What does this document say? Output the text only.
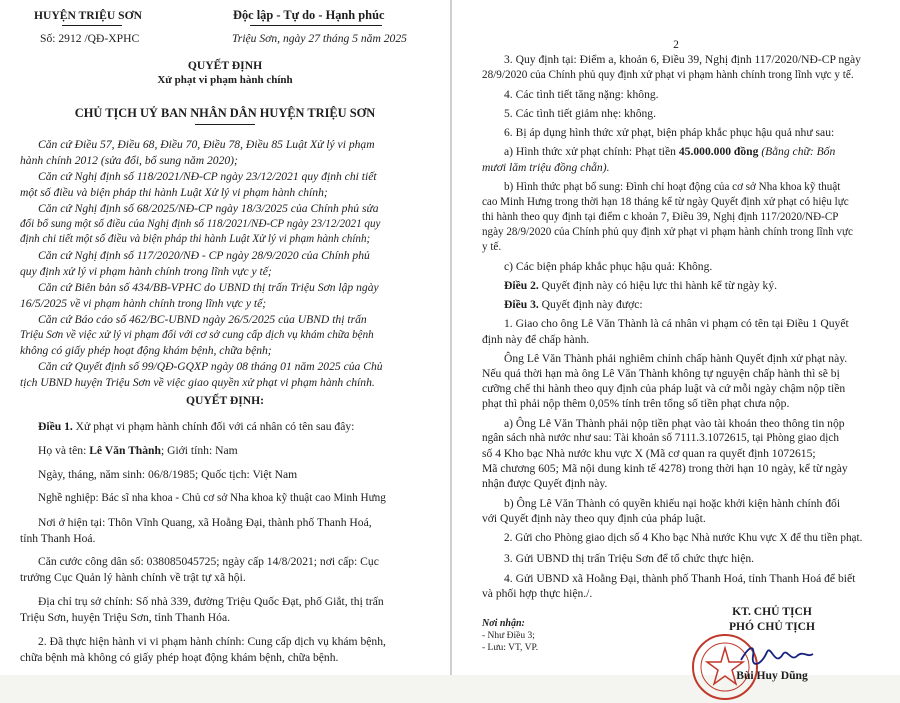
HUYỆN TRIỆU SƠN	Độc lập - Tự do - Hạnh phúc

Số: 2912 /QĐ-XPHC	Triệu Sơn, ngày 27 tháng 5 năm 2025

QUYẾT ĐỊNH

Xử phạt vi phạm hành chính

CHỦ TỊCH UỶ BAN NHÂN DÂN HUYỆN TRIỆU SƠN

Căn cứ Điều 57, Điều 68, Điều 70, Điều 78, Điều 85 Luật Xử lý vi phạm

hành chính 2012 (sửa đổi, bổ sung năm 2020);

Căn cứ Nghị định số 118/2021/NĐ-CP ngày 23/12/2021 quy định chi tiết

một số điều và biện pháp thi hành Luật Xử lý vi phạm hành chính;

Căn cứ Nghị định số 68/2025/NĐ-CP ngày 18/3/2025 của Chính phủ sửa

đổi bổ sung một số điều của Nghị định số 118/2021/NĐ-CP ngày 23/12/2021 quy

định chi tiết một số điều và biện pháp thi hành Luật Xử lý vi phạm hành chính;

Căn cứ Nghị định số 117/2020/NĐ - CP ngày 28/9/2020 của Chính phủ

quy định xử lý vi phạm hành chính trong lĩnh vực y tế;

Căn cứ Biên bản số 434/BB-VPHC do UBND thị trấn Triệu Sơn lập ngày

16/5/2025 về vi phạm hành chính trong lĩnh vực y tế;

Căn cứ Báo cáo số 462/BC-UBND ngày 26/5/2025 của UBND thị trấn

Triệu Sơn về việc xử lý vi phạm đối với cơ sở cung cấp dịch vụ khám chữa bệnh

không có giấy phép hoạt động khám bệnh, chữa bệnh;

Căn cứ Quyết định số 99/QĐ-GQXP ngày 08 tháng 01 năm 2025 của Chủ

tịch UBND huyện Triệu Sơn về việc giao quyền xử phạt vi phạm hành chính.

QUYẾT ĐỊNH:

Điều 1. Xử phạt vi phạm hành chính đối với cá nhân có tên sau đây:

Họ và tên: Lê Văn Thành; Giới tính: Nam

Ngày, tháng, năm sinh: 06/8/1985; Quốc tịch: Việt Nam

Nghề nghiệp: Bác sĩ nha khoa - Chủ cơ sở Nha khoa kỹ thuật cao Minh Hưng

Nơi ở hiện tại: Thôn Vĩnh Quang, xã Hoằng Đại, thành phố Thanh Hoá,

tỉnh Thanh Hoá.

Căn cước công dân số: 038085045725; ngày cấp 14/8/2021; nơi cấp: Cục

trưởng Cục Quản lý hành chính về trật tự xã hội.

Địa chỉ trụ sở chính: Số nhà 339, đường Triệu Quốc Đạt, phố Giắt, thị trấn

Triệu Sơn, huyện Triệu Sơn, tỉnh Thanh Hóa.

2. Đã thực hiện hành vi vi phạm hành chính: Cung cấp dịch vụ khám bệnh,

chữa bệnh mà không có giấy phép hoạt động khám bệnh, chữa bệnh.

2

3. Quy định tại: Điểm a, khoản 6, Điều 39, Nghị định 117/2020/NĐ-CP ngày

28/9/2020 của Chính phủ quy định xử phạt vi phạm hành chính trong lĩnh vực y tế.

4. Các tình tiết tăng nặng: không.

5. Các tình tiết giảm nhẹ: không.

6. Bị áp dụng hình thức xử phạt, biện pháp khắc phục hậu quả như sau:

a) Hình thức xử phạt chính: Phạt tiền 45.000.000 đồng (Bằng chữ: Bốn

mươi lăm triệu đồng chẵn).

b) Hình thức phạt bổ sung: Đình chỉ hoạt động của cơ sở Nha khoa kỹ thuật

cao Minh Hưng trong thời hạn 18 tháng kể từ ngày Quyết định xử phạt có hiệu lực

thi hành theo quy định tại điểm c khoản 7, Điều 39, Nghị định 117/2020/NĐ-CP

ngày 28/9/2020 của Chính phủ quy định xử phạt vi phạm hành chính trong lĩnh vực

y tế.

c) Các biện pháp khắc phục hậu quả: Không.

Điều 2. Quyết định này có hiệu lực thi hành kể từ ngày ký.

Điều 3. Quyết định này được:

1. Giao cho ông Lê Văn Thành là cá nhân vi phạm có tên tại Điều 1 Quyết

định này để chấp hành.

Ông Lê Văn Thành phải nghiêm chỉnh chấp hành Quyết định xử phạt này.

Nếu quá thời hạn mà ông Lê Văn Thành không tự nguyện chấp hành thì sẽ bị

cưỡng chế thi hành theo quy định của pháp luật và cứ mỗi ngày chậm nộp tiền

phạt thì phải nộp thêm 0,05% tính trên tổng số tiền phạt chưa nộp.

a) Ông Lê Văn Thành phải nộp tiền phạt vào tài khoản theo thông tin nộp

ngân sách nhà nước như sau: Tài khoản số 7111.3.1072615, tại Phòng giao dịch

số 4 Kho bạc Nhà nước khu vực X (Mã cơ quan ra quyết định 1072615;

Mã chương 605; Mã nội dung kinh tế 4278) trong thời hạn 10 ngày, kể từ ngày

nhận được Quyết định này.

b) Ông Lê Văn Thành có quyền khiếu nại hoặc khởi kiện hành chính đối

với Quyết định này theo quy định của pháp luật.

2. Gửi cho Phòng giao dịch số 4 Kho bạc Nhà nước Khu vực X để thu tiền phạt.

3. Gửi UBND thị trấn Triệu Sơn để tổ chức thực hiện.

4. Gửi UBND xã Hoằng Đại, thành phố Thanh Hoá, tỉnh Thanh Hoá để biết

và phối hợp thực hiện./.

Nơi nhận:

- Như Điều 3;

- Lưu: VT, VP.

KT. CHỦ TỊCH

PHÓ CHỦ TỊCH

Bùi Huy Dũng
